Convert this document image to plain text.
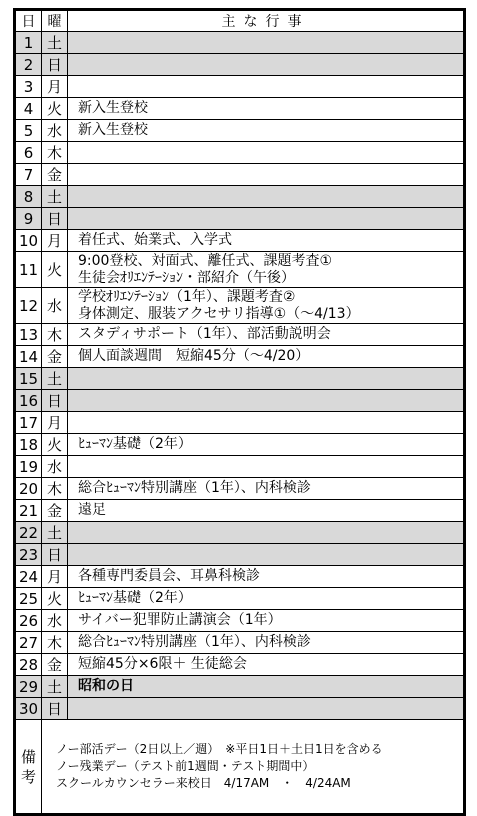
日	曜	主な行事
1	土	
2	日	
3	月	
4	火	新入生登校

5	水	新入生登校

6	木	
7	金	
8	土	
9	日	
10	月	着任式、始業式、入学式

11	火	9:00登校、対面式、離任式、課題考査①
生徒会ｵﾘｴﾝﾃｰｼｮﾝ・部紹介（午後）

12	水	学校ｵﾘｴﾝﾃｰｼｮﾝ（1年）、課題考査②
身体測定、服装アクセサリ指導①（～4/13）

13	木	スタディサポート（1年）、部活動説明会

14	金	個人面談週間　短縮45分（～4/20）

15	土	
16	日	
17	月	
18	火	ﾋｭｰﾏﾝ基礎（2年）

19	水	
20	木	総合ﾋｭｰﾏﾝ特別講座（1年）、内科検診

21	金	遠足

22	土	
23	日	
24	月	各種専門委員会、耳鼻科検診

25	火	ﾋｭｰﾏﾝ基礎（2年）

26	水	サイバー犯罪防止講演会（1年）

27	木	総合ﾋｭｰﾏﾝ特別講座（1年）、内科検診

28	金	短縮45分×6限＋ 生徒総会

29	土	昭和の日

30	日	

備
考	ノー部活デー（2日以上／週）　※平日1日＋土日1日を含める
ノー残業デー（テスト前1週間・テスト期間中）
スクールカウンセラー来校日　4/17AM　・　4/24AM	
